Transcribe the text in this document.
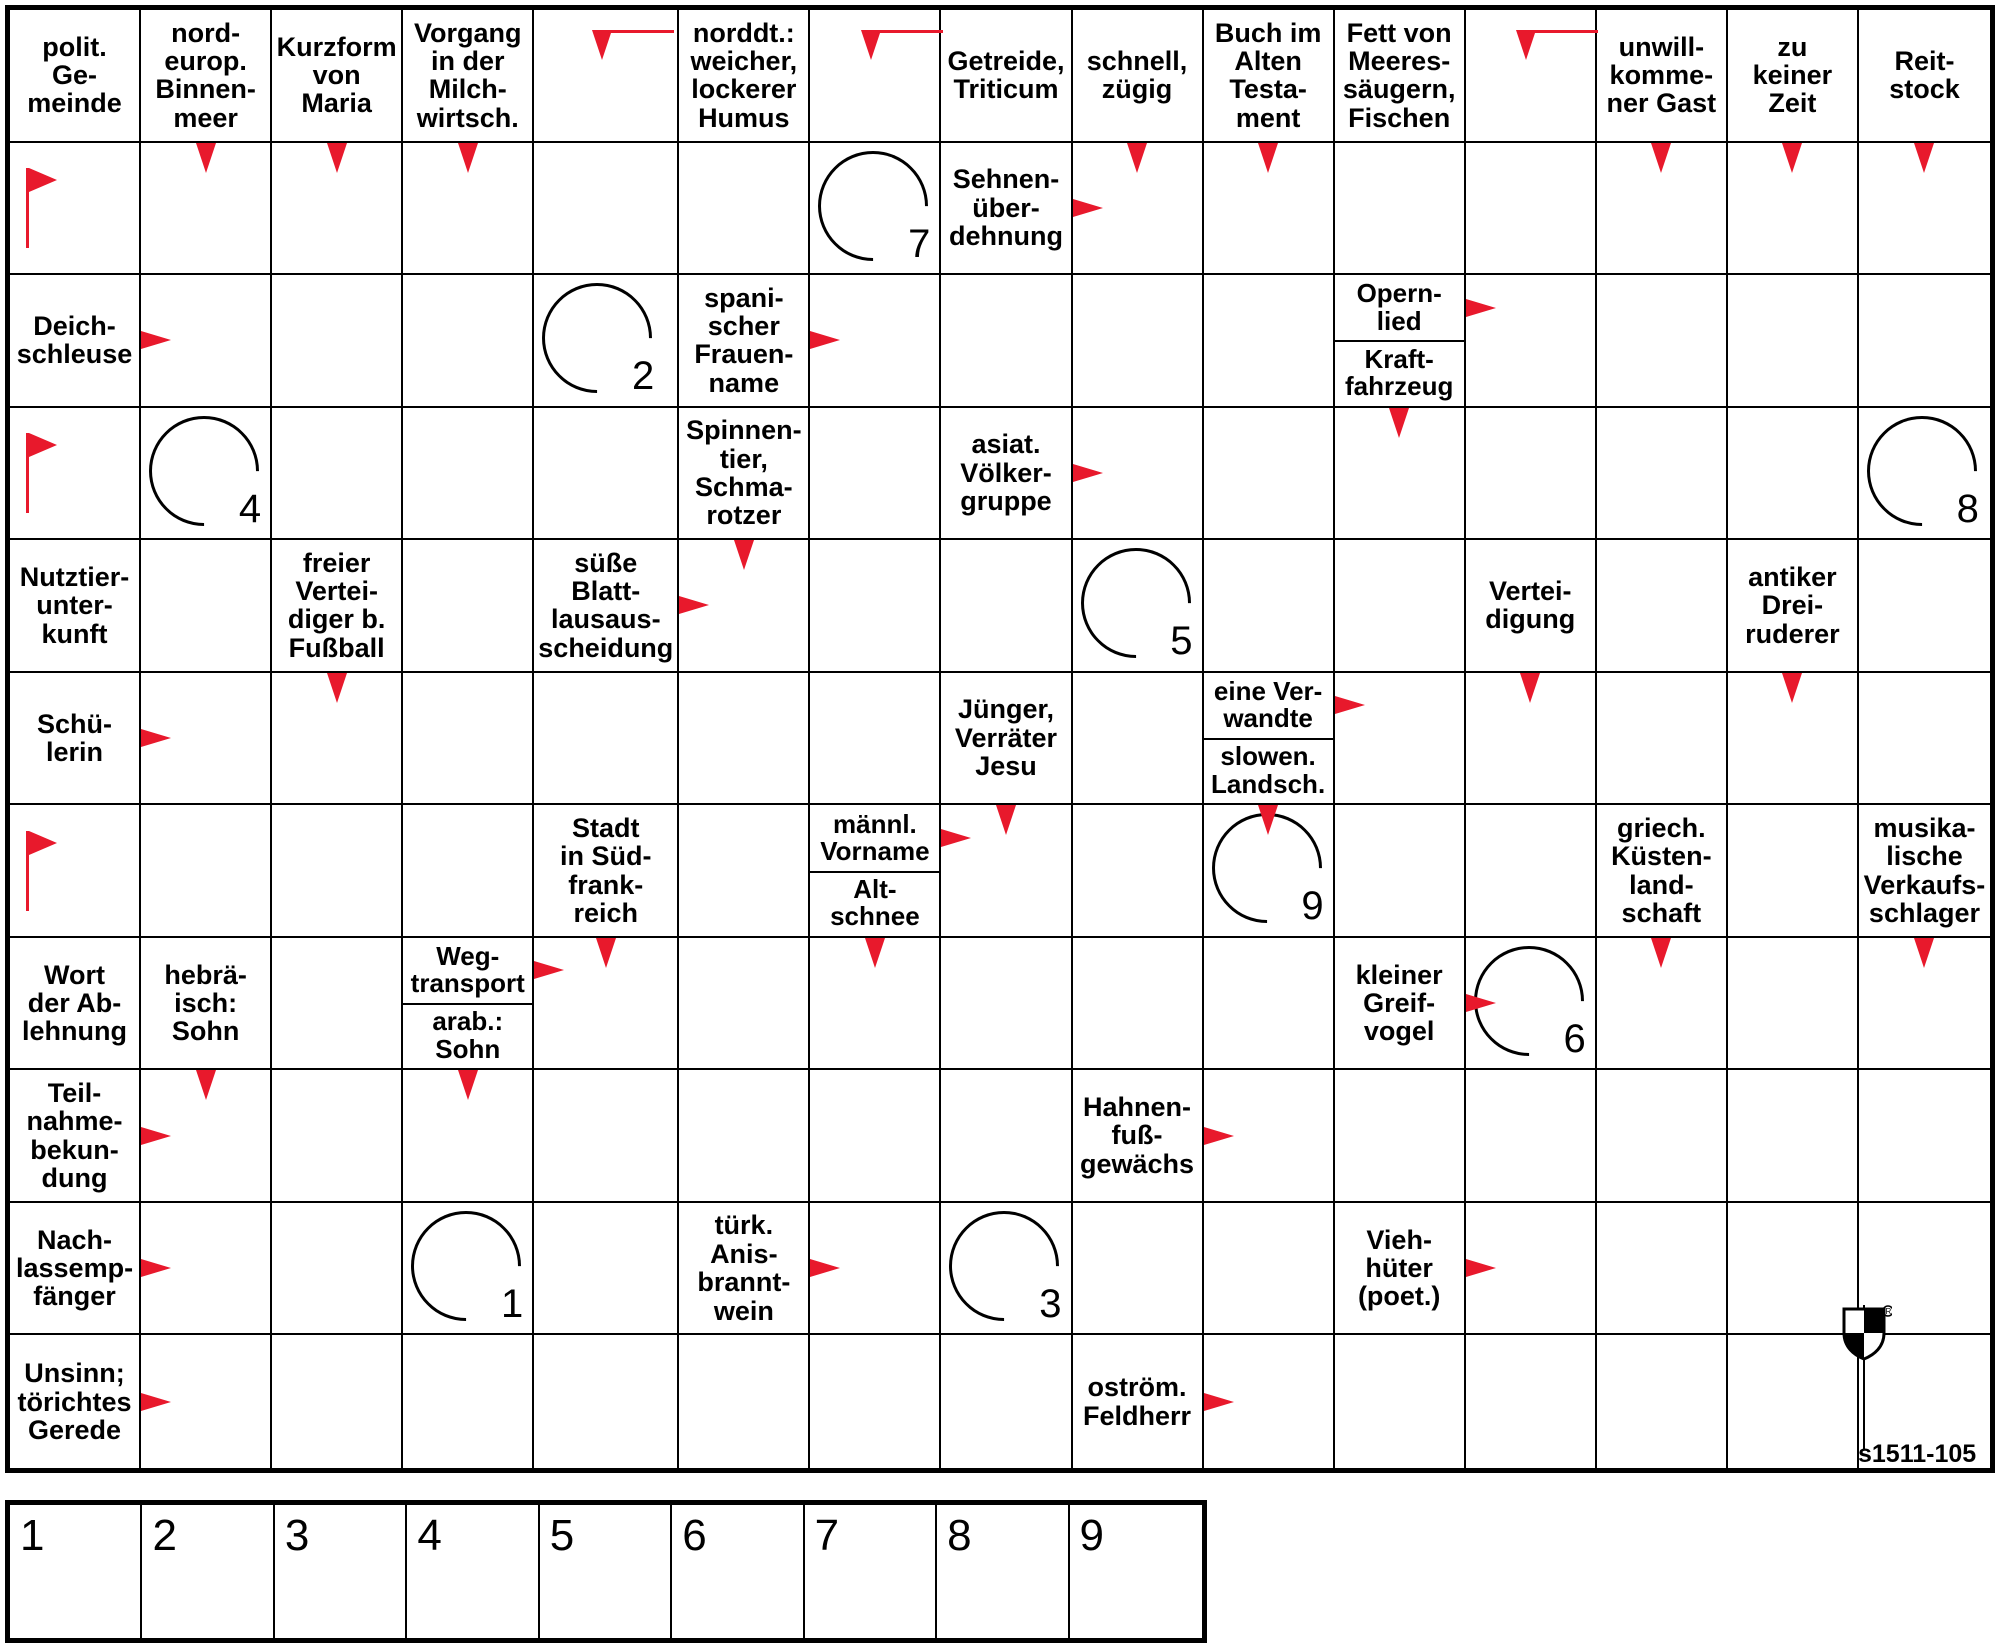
polit.
Ge-
meinde
nord-
europ.
Binnen-
meer
Kurzform
von
Maria
Vorgang
in der
Milch-
wirtsch.
norddt.:
weicher,
lockerer
Humus
Getreide,
Triticum
schnell,
zügig
Buch im
Alten
Testa-
ment
Fett von
Meeres-
säugern,
Fischen
unwill-
komme-
ner Gast
zu
keiner
Zeit
Reit-
stock
7
Sehnen-
über-
dehnung
Deich-
schleuse	2
spani-
scher
Frauen-
name
Opern-
lied
Kraft-
fahrzeug
4
Spinnen-
tier,
Schma-
rotzer
asiat.
Völker-
gruppe	8
Nutztier-
unter-
kunft
freier
Vertei-
diger b.
Fußball
süße
Blatt-
lausaus-
scheidung	5
Vertei-
digung
antiker
Drei-
ruderer
Schü-
lerin
Jünger,
Verräter
Jesu
eine Ver-
wandte
slowen.
Landsch.
Stadt
in Süd-
frank-
reich
männl.
Vorname
Alt-
schnee	9
griech.
Küsten-
land-
schaft
musika-
lische
Verkaufs-
schlager
Wort
der Ab-
lehnung
hebrä-
isch:
Sohn
Weg-
transport
arab.:
Sohn
kleiner
Greif-
vogel	6
Teil-
nahme-
bekun-
dung
Hahnen-
fuß-
gewächs
Nach-
lassemp-
fänger	1
türk.
Anis-
brannt-
wein	3
Vieh-
hüter
(poet.)
Unsinn;
törichtes
Gerede
oström.
Feldherr
R
s1511-105
1 2 3 4 5 6 7 8 9
